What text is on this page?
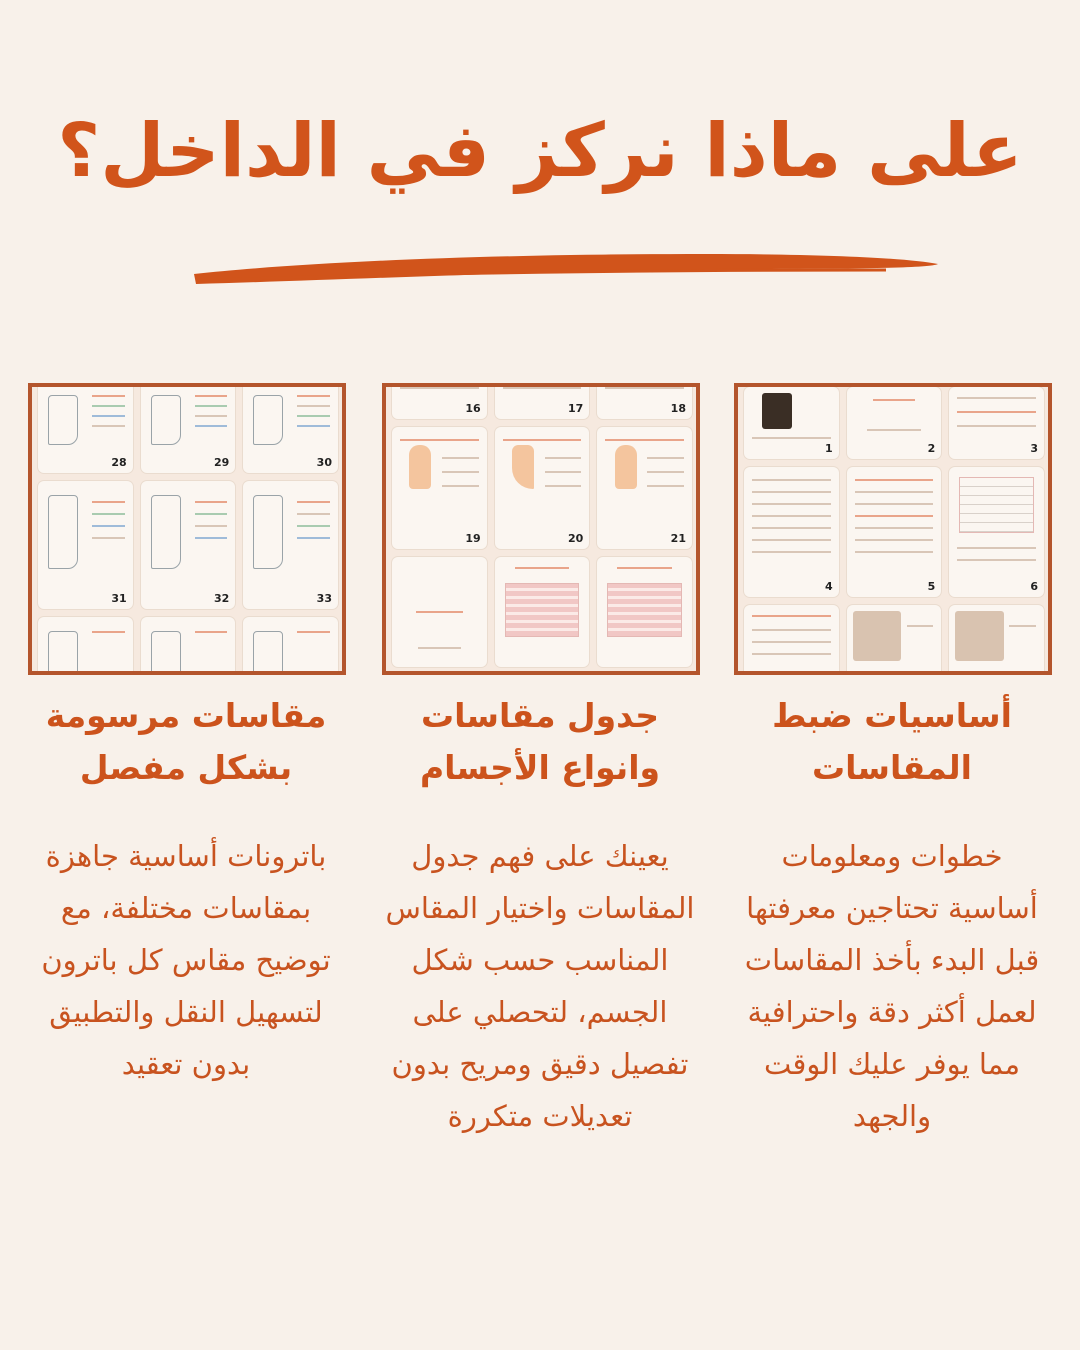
على ماذا نركز في الداخل؟
28	29	30
31	32	33
16	17	18
19	20	21
1	2	3
4	5	6
مقاسات مرسومة
بشكل مفصل
جدول مقاسات
وانواع الأجسام
أساسيات ضبط
المقاسات

باترونات أساسية جاهزة بمقاسات مختلفة، مع توضيح مقاس كل باترون لتسهيل النقل والتطبيق بدون تعقيد

يعينك على فهم جدول المقاسات واختيار المقاس المناسب حسب شكل الجسم، لتحصلي على تفصيل دقيق ومريح بدون تعديلات متكررة

خطوات ومعلومات أساسية تحتاجين معرفتها قبل البدء بأخذ المقاسات لعمل أكثر دقة واحترافية مما يوفر عليك الوقت والجهد
